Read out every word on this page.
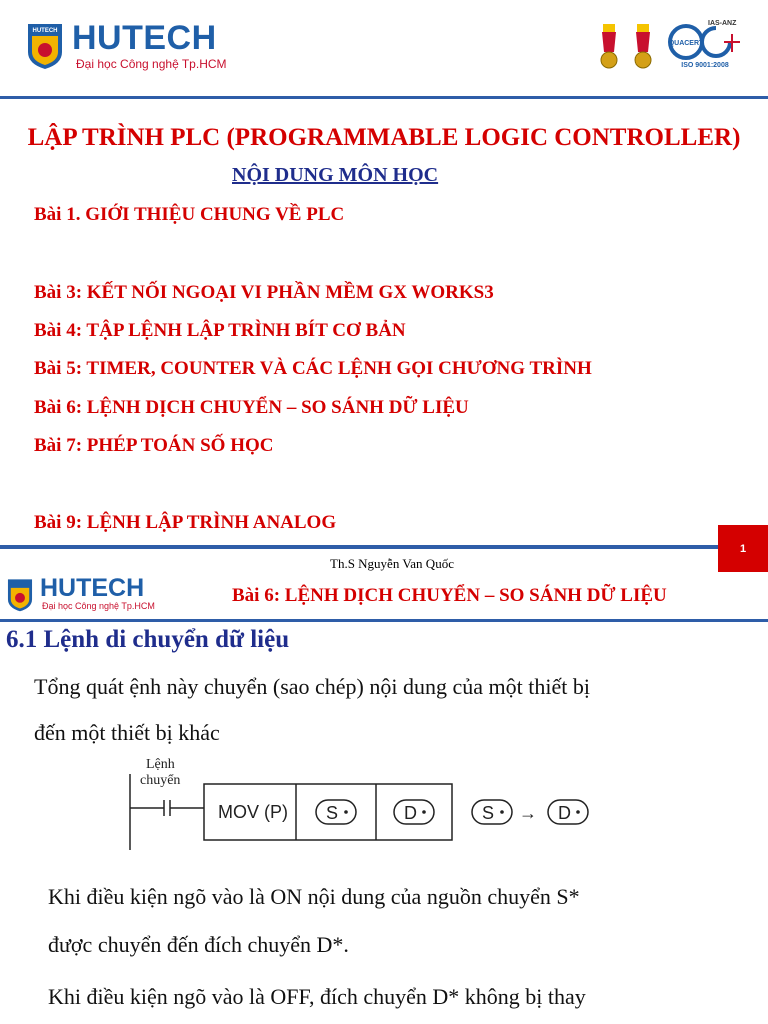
HUTECH HUTECH
Đại học Công nghệ Tp.HCM
QUACERT
IAS-ANZ
ISO 9001:2008
LẬP TRÌNH PLC (PROGRAMMABLE LOGIC CONTROLLER)
NỘI DUNG MÔN HỌC
Bài 1. GIỚI THIỆU CHUNG VỀ PLC
Bài 3: KẾT NỐI NGOẠI VI PHẦN MỀM GX WORKS3
Bài 4: TẬP LỆNH LẬP TRÌNH BÍT CƠ BẢN
Bài 5: TIMER, COUNTER VÀ CÁC LỆNH GỌI CHƯƠNG TRÌNH
Bài 6: LỆNH DỊCH CHUYỂN – SO SÁNH DỮ LIỆU
Bài 7: PHÉP TOÁN SỐ HỌC
Bài 9: LỆNH LẬP TRÌNH ANALOG
1
Th.S Nguyễn Van Quốc
HUTECH
Đại học Công nghệ Tp.HCM	Bài 6: LỆNH DỊCH CHUYỂN – SO SÁNH DỮ LIỆU
6.1 Lệnh di chuyển dữ liệu
Tổng quát ệnh này chuyển (sao chép) nội dung của một thiết bị
đến một thiết bị khác
Lệnh
chuyển
MOV (P) S	D	S → D
Khi điều kiện ngõ vào là ON nội dung của nguồn chuyển S*
được chuyển đến đích chuyển D*.
Khi điều kiện ngõ vào là OFF, đích chuyển D* không bị thay
